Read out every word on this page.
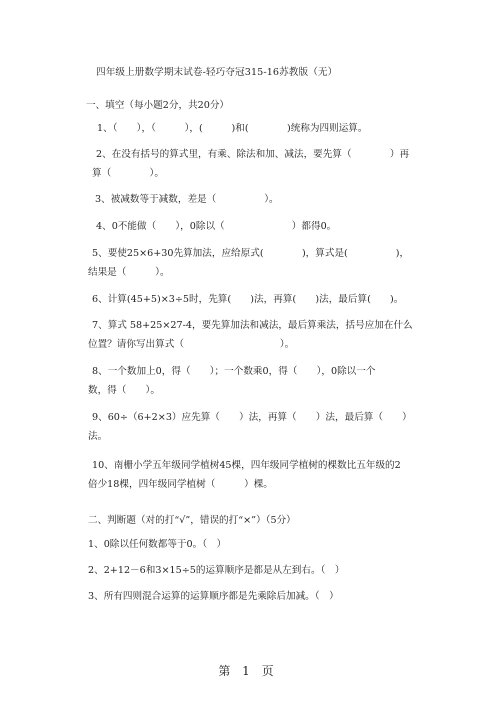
四年级上册数学期末试卷-轻巧夺冠315-16苏教版（无）
一、填空（每小题2分，共20分）
1、（　　），（　　　），(　　　)和(　　　　)统称为四则运算。
2、在没有括号的算式里，有乘、除法和加、减法，要先算（　　　　）再
算（　　　　）。
3、被减数等于减数，差是（　　　　　）。
4、0不能做（　　），0除以（　　　　　　　）都得0。
5、要使25×6+30先算加法，应给原式(　　　　)，算式是(　　　　　)，
结果是（　　　）。
6、计算(45+5)×3÷5时，先算(　　)法，再算(　　)法，最后算(　　)。
7、算式 58+25×27-4，要先算加法和减法，最后算乘法，括号应加在什么
位置？请你写出算式（　　　　　　　　　　）。
8、一个数加上0，得（　　）；一个数乘0，得（　　），0除以一个
数，得（　　）。
9、60÷（6+2×3）应先算（　　）法，再算（　　）法，最后算（　　）
法。
10、南栅小学五年级同学植树45棵，四年级同学植树的棵数比五年级的2
倍少18棵，四年级同学植树（　　　）棵。
二、判断题（对的打“√”，错误的打“×”）（5分）
1、0除以任何数都等于0。（　）
2、2+12－6和3×15÷5的运算顺序是都是从左到右。（　）
3、所有四则混合运算的运算顺序都是先乘除后加减。（　）
第 1 页
